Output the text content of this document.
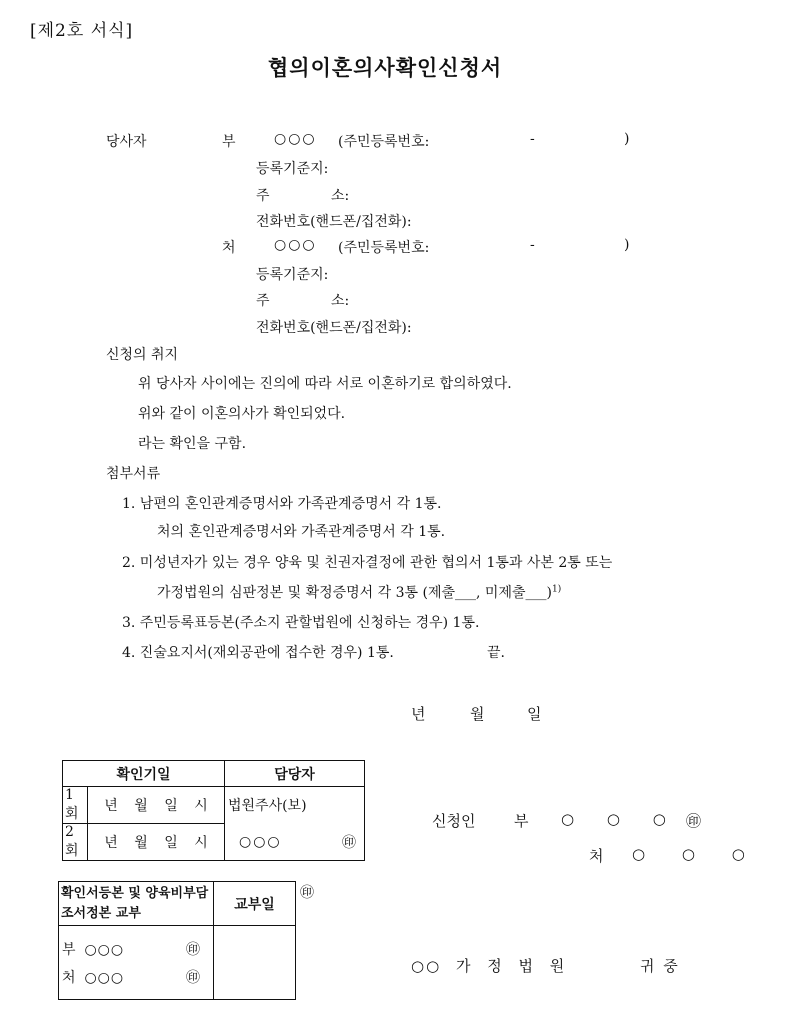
[제2호 서식]
협의이혼의사확인신청서
당사자	부	○○○ (주민등록번호:	-	)
등록기준지:
주	소:
전화번호(핸드폰/집전화):
처	○○○ (주민등록번호:	-	)
등록기준지:
주	소:
전화번호(핸드폰/집전화):
신청의 취지
위 당사자 사이에는 진의에 따라 서로 이혼하기로 합의하였다.
위와 같이 이혼의사가 확인되었다.
라는 확인을 구함.
첨부서류
1. 남편의 혼인관계증명서와 가족관계증명서 각 1통.
처의 혼인관계증명서와 가족관계증명서 각 1통.
2. 미성년자가 있는 경우 양육 및 친권자결정에 관한 협의서 1통과 사본 2통 또는
가정법원의 심판정본 및 확정증명서 각 3통 (제출___, 미제출___)$^{1)}$
3. 주민등록표등본(주소지 관할법원에 신청하는 경우) 1통.
4. 진술요지서(재외공관에 접수한 경우) 1통.	끝.
년	월	일
확인기일		담당자	
1회	년 월 일 시	법원주사(보)	
2회	년 월 일 시	○○○	㊞
확인서등본 및 양육비부담조서정본 교부	교부일

부 ○○○ ㊞
처 ○○○ ㊞	

㊞
신청인	부 ○ ○ ○ ㊞
처 ○ ○ ○
○○ 가 정 법 원	귀 중
